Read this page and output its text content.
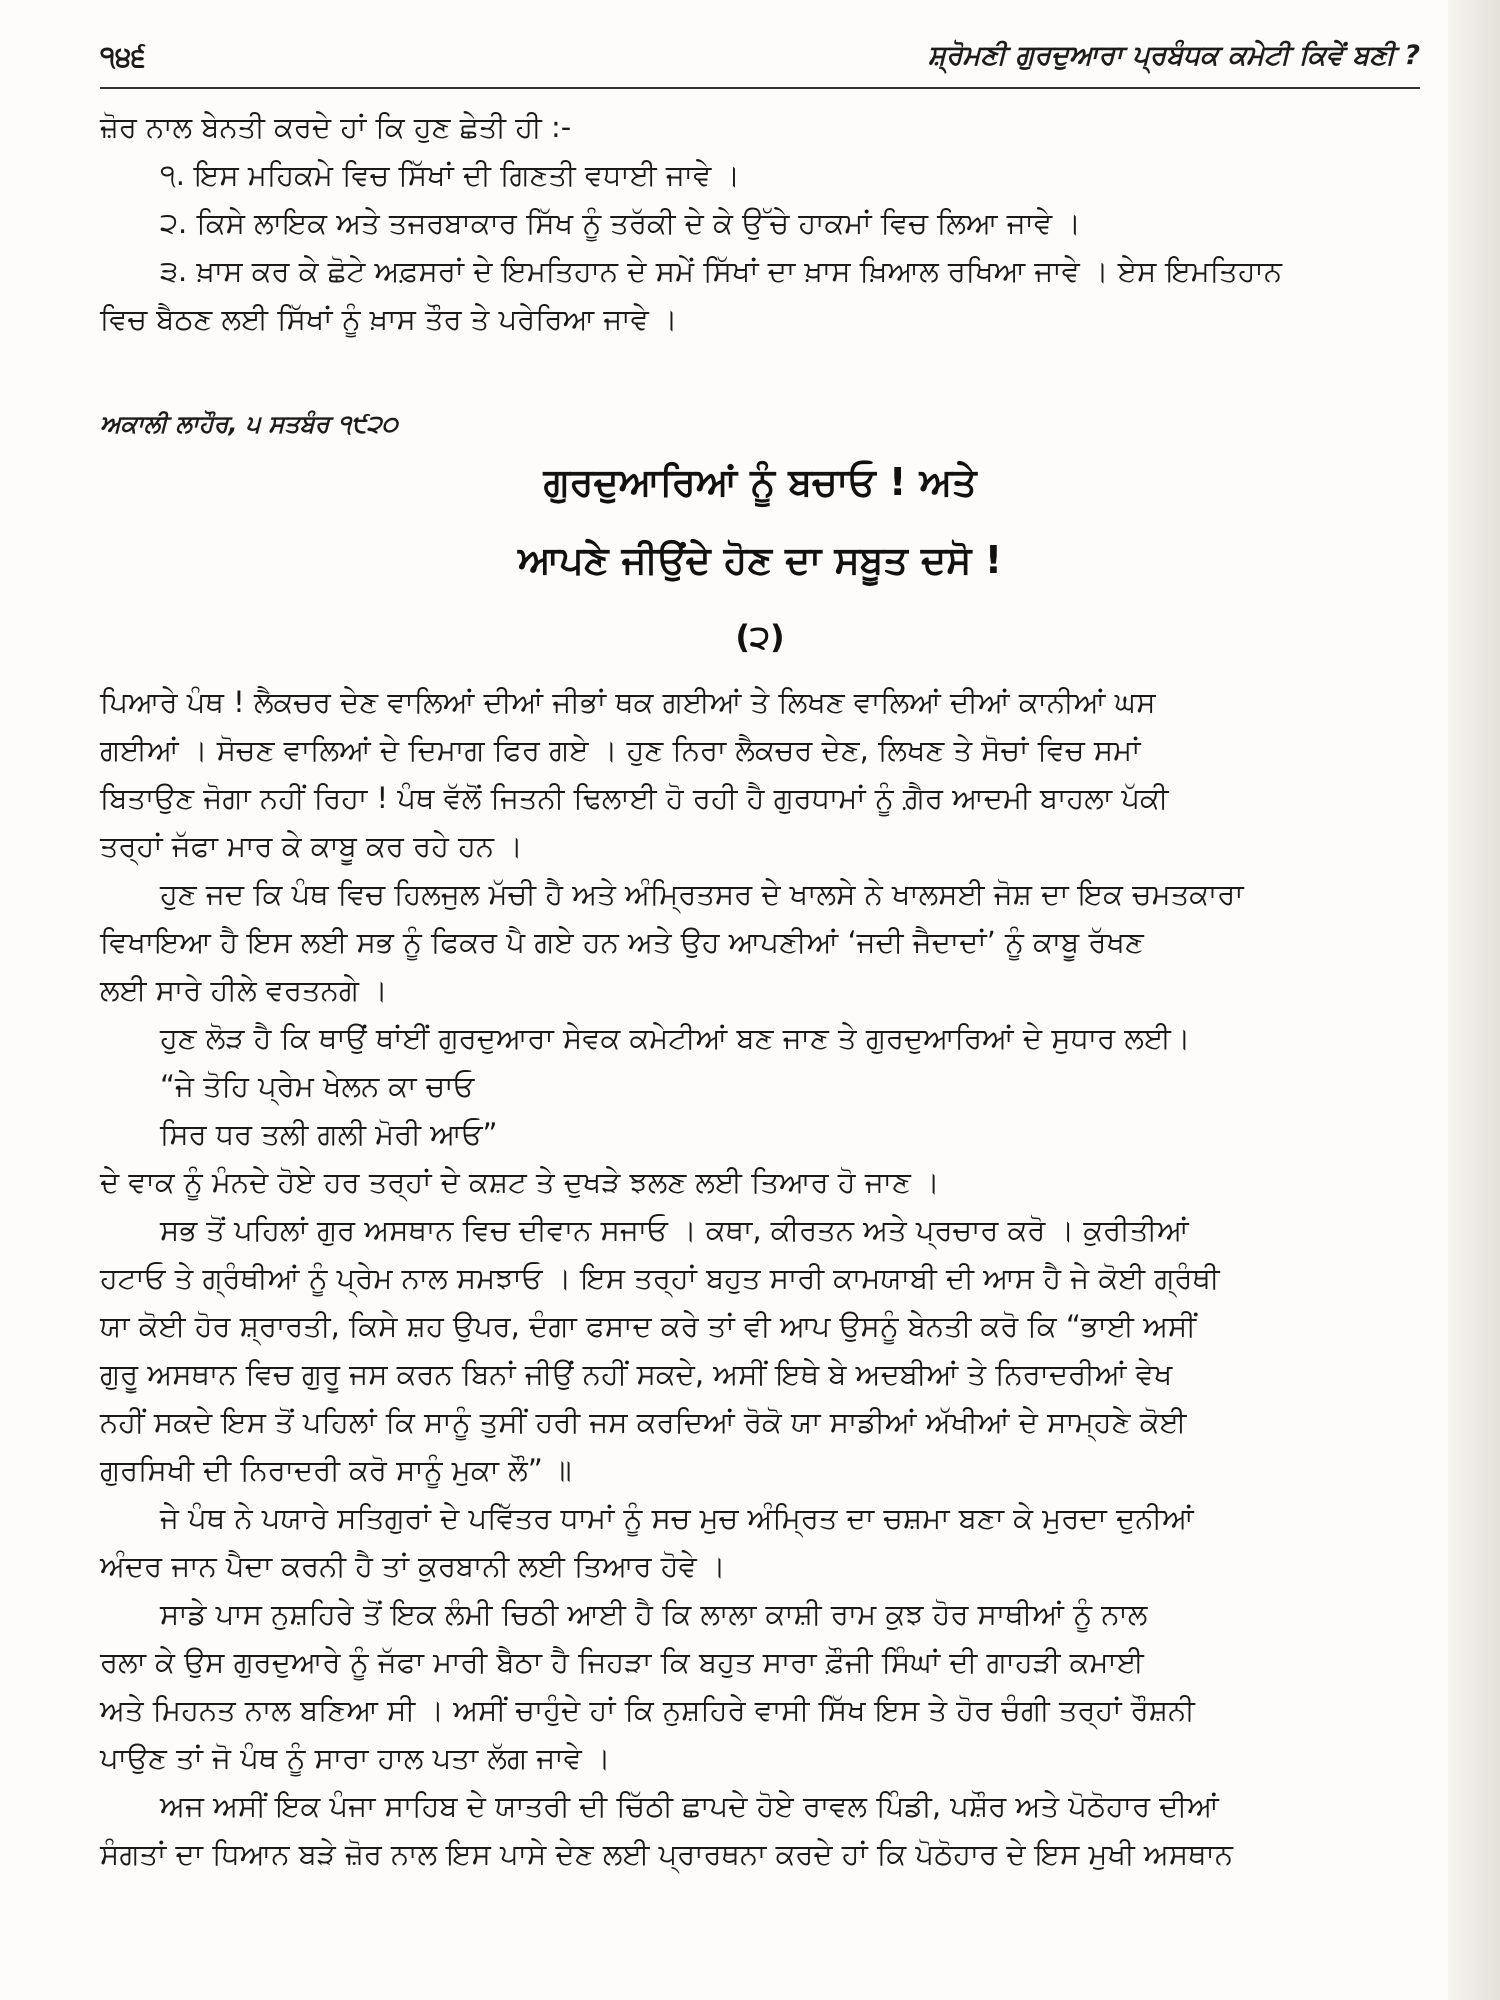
੧੪੬	ਸ਼੍ਰੋਮਣੀ ਗੁਰਦੁਆਰਾ ਪ੍ਰਬੰਧਕ ਕਮੇਟੀ ਕਿਵੇਂ ਬਣੀ ?
ਜ਼ੋਰ ਨਾਲ ਬੇਨਤੀ ਕਰਦੇ ਹਾਂ ਕਿ ਹੁਣ ਛੇਤੀ ਹੀ :-
੧. ਇਸ ਮਹਿਕਮੇ ਵਿਚ ਸਿੱਖਾਂ ਦੀ ਗਿਣਤੀ ਵਧਾਈ ਜਾਵੇ ।
੨. ਕਿਸੇ ਲਾਇਕ ਅਤੇ ਤਜਰਬਾਕਾਰ ਸਿੱਖ ਨੂੰ ਤਰੱਕੀ ਦੇ ਕੇ ਉੱਚੇ ਹਾਕਮਾਂ ਵਿਚ ਲਿਆ ਜਾਵੇ ।
੩. ਖ਼ਾਸ ਕਰ ਕੇ ਛੋਟੇ ਅਫ਼ਸਰਾਂ ਦੇ ਇਮਤਿਹਾਨ ਦੇ ਸਮੇਂ ਸਿੱਖਾਂ ਦਾ ਖ਼ਾਸ ਖ਼ਿਆਲ ਰਖਿਆ ਜਾਵੇ । ਏਸ ਇਮਤਿਹਾਨ
ਵਿਚ ਬੈਠਣ ਲਈ ਸਿੱਖਾਂ ਨੂੰ ਖ਼ਾਸ ਤੌਰ ਤੇ ਪਰੇਰਿਆ ਜਾਵੇ ।
ਅਕਾਲੀ ਲਾਹੌਰ, ੫ ਸਤਬੰਰ ੧੯੨੦
ਗੁਰਦੁਆਰਿਆਂ ਨੂੰ ਬਚਾਓ ! ਅਤੇ
ਆਪਣੇ ਜੀਉਂਦੇ ਹੋਣ ਦਾ ਸਬੂਤ ਦਸੋ !
(੨)
ਪਿਆਰੇ ਪੰਥ ! ਲੈਕਚਰ ਦੇਣ ਵਾਲਿਆਂ ਦੀਆਂ ਜੀਭਾਂ ਥਕ ਗਈਆਂ ਤੇ ਲਿਖਣ ਵਾਲਿਆਂ ਦੀਆਂ ਕਾਨੀਆਂ ਘਸ
ਗਈਆਂ । ਸੋਚਣ ਵਾਲਿਆਂ ਦੇ ਦਿਮਾਗ ਫਿਰ ਗਏ । ਹੁਣ ਨਿਰਾ ਲੈਕਚਰ ਦੇਣ, ਲਿਖਣ ਤੇ ਸੋਚਾਂ ਵਿਚ ਸਮਾਂ
ਬਿਤਾਉਣ ਜੋਗਾ ਨਹੀਂ ਰਿਹਾ ! ਪੰਥ ਵੱਲੋਂ ਜਿਤਨੀ ਢਿਲਾਈ ਹੋ ਰਹੀ ਹੈ ਗੁਰਧਾਮਾਂ ਨੂੰ ਗ਼ੈਰ ਆਦਮੀ ਬਾਹਲਾ ਪੱਕੀ
ਤਰ੍ਹਾਂ ਜੱਫਾ ਮਾਰ ਕੇ ਕਾਬੂ ਕਰ ਰਹੇ ਹਨ ।
ਹੁਣ ਜਦ ਕਿ ਪੰਥ ਵਿਚ ਹਿਲਜੁਲ ਮੱਚੀ ਹੈ ਅਤੇ ਅੰਮ੍ਰਿਤਸਰ ਦੇ ਖਾਲਸੇ ਨੇ ਖਾਲਸਈ ਜੋਸ਼ ਦਾ ਇਕ ਚਮਤਕਾਰਾ
ਵਿਖਾਇਆ ਹੈ ਇਸ ਲਈ ਸਭ ਨੂੰ ਫਿਕਰ ਪੈ ਗਏ ਹਨ ਅਤੇ ਉਹ ਆਪਣੀਆਂ ‘ਜਦੀ ਜੈਦਾਦਾਂ’ ਨੂੰ ਕਾਬੂ ਰੱਖਣ
ਲਈ ਸਾਰੇ ਹੀਲੇ ਵਰਤਨਗੇ ।
ਹੁਣ ਲੋੜ ਹੈ ਕਿ ਥਾਉਂ ਥਾਂਈਂ ਗੁਰਦੁਆਰਾ ਸੇਵਕ ਕਮੇਟੀਆਂ ਬਣ ਜਾਣ ਤੇ ਗੁਰਦੁਆਰਿਆਂ ਦੇ ਸੁਧਾਰ ਲਈ।
“ਜੇ ਤੋਹਿ ਪ੍ਰੇਮ ਖੇਲਨ ਕਾ ਚਾਓ
ਸਿਰ ਧਰ ਤਲੀ ਗਲੀ ਮੋਰੀ ਆਓ”
ਦੇ ਵਾਕ ਨੂੰ ਮੰਨਦੇ ਹੋਏ ਹਰ ਤਰ੍ਹਾਂ ਦੇ ਕਸ਼ਟ ਤੇ ਦੁਖੜੇ ਝਲਣ ਲਈ ਤਿਆਰ ਹੋ ਜਾਣ ।
ਸਭ ਤੋਂ ਪਹਿਲਾਂ ਗੁਰ ਅਸਥਾਨ ਵਿਚ ਦੀਵਾਨ ਸਜਾਓ । ਕਥਾ, ਕੀਰਤਨ ਅਤੇ ਪ੍ਰਚਾਰ ਕਰੋ । ਕੁਰੀਤੀਆਂ
ਹਟਾਓ ਤੇ ਗ੍ਰੰਥੀਆਂ ਨੂੰ ਪ੍ਰੇਮ ਨਾਲ ਸਮਝਾਓ । ਇਸ ਤਰ੍ਹਾਂ ਬਹੁਤ ਸਾਰੀ ਕਾਮਯਾਬੀ ਦੀ ਆਸ ਹੈ ਜੇ ਕੋਈ ਗ੍ਰੰਥੀ
ਯਾ ਕੋਈ ਹੋਰ ਸ਼੍ਰਾਰਤੀ, ਕਿਸੇ ਸ਼ਹ ਉਪਰ, ਦੰਗਾ ਫਸਾਦ ਕਰੇ ਤਾਂ ਵੀ ਆਪ ਉਸਨੂੰ ਬੇਨਤੀ ਕਰੋ ਕਿ “ਭਾਈ ਅਸੀਂ
ਗੁਰੂ ਅਸਥਾਨ ਵਿਚ ਗੁਰੂ ਜਸ ਕਰਨ ਬਿਨਾਂ ਜੀਉਂ ਨਹੀਂ ਸਕਦੇ, ਅਸੀਂ ਇਥੇ ਬੇ ਅਦਬੀਆਂ ਤੇ ਨਿਰਾਦਰੀਆਂ ਵੇਖ
ਨਹੀਂ ਸਕਦੇ ਇਸ ਤੋਂ ਪਹਿਲਾਂ ਕਿ ਸਾਨੂੰ ਤੁਸੀਂ ਹਰੀ ਜਸ ਕਰਦਿਆਂ ਰੋਕੋ ਯਾ ਸਾਡੀਆਂ ਅੱਖੀਆਂ ਦੇ ਸਾਮ੍ਹਣੇ ਕੋਈ
ਗੁਰਸਿਖੀ ਦੀ ਨਿਰਾਦਰੀ ਕਰੋ ਸਾਨੂੰ ਮੁਕਾ ਲੌ” ॥
ਜੇ ਪੰਥ ਨੇ ਪਯਾਰੇ ਸਤਿਗੁਰਾਂ ਦੇ ਪਵਿੱਤਰ ਧਾਮਾਂ ਨੂੰ ਸਚ ਮੁਚ ਅੰਮ੍ਰਿਤ ਦਾ ਚਸ਼ਮਾ ਬਣਾ ਕੇ ਮੁਰਦਾ ਦੁਨੀਆਂ
ਅੰਦਰ ਜਾਨ ਪੈਦਾ ਕਰਨੀ ਹੈ ਤਾਂ ਕੁਰਬਾਨੀ ਲਈ ਤਿਆਰ ਹੋਵੇ ।
ਸਾਡੇ ਪਾਸ ਨੁਸ਼ਹਿਰੇ ਤੋਂ ਇਕ ਲੰਮੀ ਚਿਠੀ ਆਈ ਹੈ ਕਿ ਲਾਲਾ ਕਾਸ਼ੀ ਰਾਮ ਕੁਝ ਹੋਰ ਸਾਥੀਆਂ ਨੂੰ ਨਾਲ
ਰਲਾ ਕੇ ਉਸ ਗੁਰਦੁਆਰੇ ਨੂੰ ਜੱਫਾ ਮਾਰੀ ਬੈਠਾ ਹੈ ਜਿਹੜਾ ਕਿ ਬਹੁਤ ਸਾਰਾ ਫ਼ੌਜੀ ਸਿੰਘਾਂ ਦੀ ਗਾਹੜੀ ਕਮਾਈ
ਅਤੇ ਮਿਹਨਤ ਨਾਲ ਬਣਿਆ ਸੀ । ਅਸੀਂ ਚਾਹੁੰਦੇ ਹਾਂ ਕਿ ਨੁਸ਼ਹਿਰੇ ਵਾਸੀ ਸਿੱਖ ਇਸ ਤੇ ਹੋਰ ਚੰਗੀ ਤਰ੍ਹਾਂ ਰੌਸ਼ਨੀ
ਪਾਉਣ ਤਾਂ ਜੋ ਪੰਥ ਨੂੰ ਸਾਰਾ ਹਾਲ ਪਤਾ ਲੱਗ ਜਾਵੇ ।
ਅਜ ਅਸੀਂ ਇਕ ਪੰਜਾ ਸਾਹਿਬ ਦੇ ਯਾਤਰੀ ਦੀ ਚਿੱਠੀ ਛਾਪਦੇ ਹੋਏ ਰਾਵਲ ਪਿੰਡੀ, ਪਸ਼ੌਰ ਅਤੇ ਪੋਠੋਹਾਰ ਦੀਆਂ
ਸੰਗਤਾਂ ਦਾ ਧਿਆਨ ਬੜੇ ਜ਼ੋਰ ਨਾਲ ਇਸ ਪਾਸੇ ਦੇਣ ਲਈ ਪ੍ਰਾਰਥਨਾ ਕਰਦੇ ਹਾਂ ਕਿ ਪੋਠੋਹਾਰ ਦੇ ਇਸ ਮੁਖੀ ਅਸਥਾਨ
